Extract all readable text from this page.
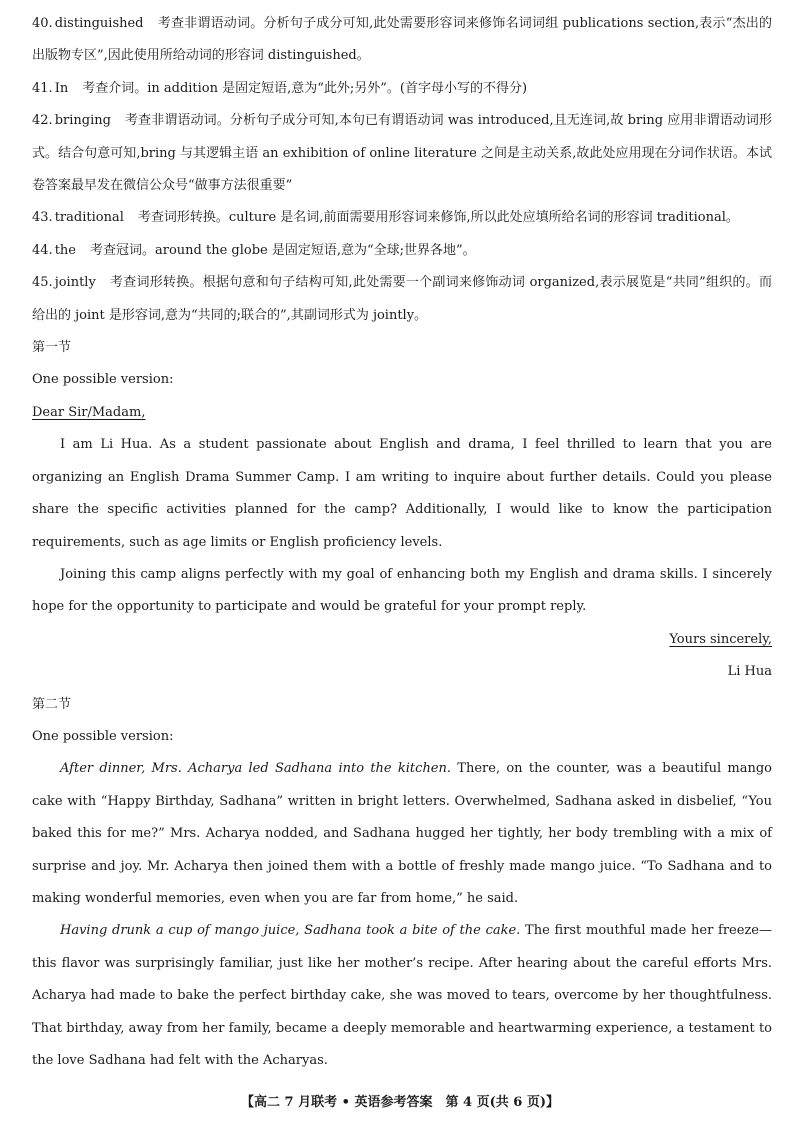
40. distinguished 考查非谓语动词。分析句子成分可知,此处需要形容词来修饰名词词组 publications section,表示“杰出的出版物专区”,因此使用所给动词的形容词 distinguished。
41. In 考查介词。in addition 是固定短语,意为“此外;另外”。(首字母小写的不得分)
42. bringing 考查非谓语动词。分析句子成分可知,本句已有谓语动词 was introduced,且无连词,故 bring 应用非谓语动词形式。结合句意可知,bring 与其逻辑主语 an exhibition of online literature 之间是主动关系,故此处应用现在分词作状语。本试卷答案最早发在微信公众号“做事方法很重要”
43. traditional 考查词形转换。culture 是名词,前面需要用形容词来修饰,所以此处应填所给名词的形容词 traditional。
44. the 考查冠词。around the globe 是固定短语,意为“全球;世界各地”。
45. jointly 考查词形转换。根据句意和句子结构可知,此处需要一个副词来修饰动词 organized,表示展览是“共同”组织的。而给出的 joint 是形容词,意为“共同的;联合的”,其副词形式为 jointly。
第一节
One possible version:
Dear Sir/Madam,
I am Li Hua. As a student passionate about English and drama, I feel thrilled to learn that you are organizing an English Drama Summer Camp. I am writing to inquire about further details. Could you please share the specific activities planned for the camp? Additionally, I would like to know the participation requirements, such as age limits or English proficiency levels.
Joining this camp aligns perfectly with my goal of enhancing both my English and drama skills. I sincerely hope for the opportunity to participate and would be grateful for your prompt reply.
Yours sincerely,
Li Hua
第二节
One possible version:
After dinner, Mrs. Acharya led Sadhana into the kitchen. There, on the counter, was a beautiful mango cake with “Happy Birthday, Sadhana” written in bright letters. Overwhelmed, Sadhana asked in disbelief, “You baked this for me?” Mrs. Acharya nodded, and Sadhana hugged her tightly, her body trembling with a mix of surprise and joy. Mr. Acharya then joined them with a bottle of freshly made mango juice. “To Sadhana and to making wonderful memories, even when you are far from home,” he said.
Having drunk a cup of mango juice, Sadhana took a bite of the cake. The first mouthful made her freeze—this flavor was surprisingly familiar, just like her mother’s recipe. After hearing about the careful efforts Mrs. Acharya had made to bake the perfect birthday cake, she was moved to tears, overcome by her thoughtfulness. That birthday, away from her family, became a deeply memorable and heartwarming experience, a testament to the love Sadhana had felt with the Acharyas.
【高二 7 月联考 • 英语参考答案　第 4 页(共 6 页)】
